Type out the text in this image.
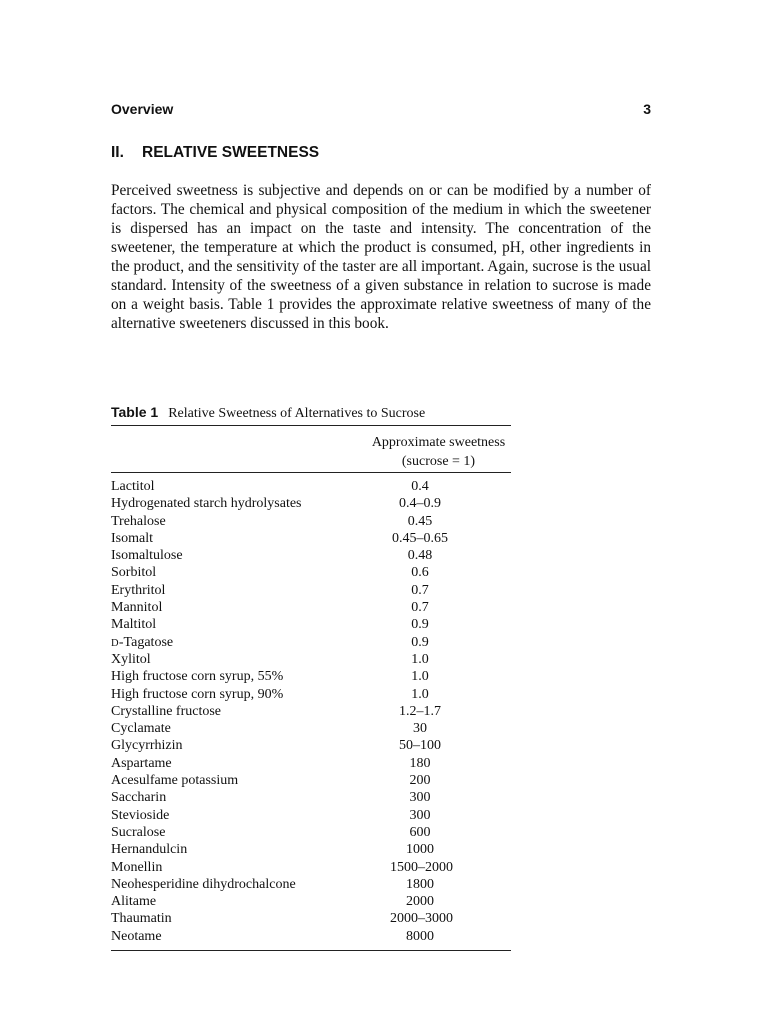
Overview	3
II. RELATIVE SWEETNESS

Perceived sweetness is subjective and depends on or can be modified by a number of factors. The chemical and physical composition of the medium in which the sweetener is dispersed has an impact on the taste and intensity. The concentration of the sweetener, the temperature at which the product is consumed, pH, other ingredients in the product, and the sensitivity of the taster are all important. Again, sucrose is the usual standard. Intensity of the sweetness of a given substance in relation to sucrose is made on a weight basis. Table 1 provides the approximate relative sweetness of many of the alternative sweeteners discussed in this book.

Table 1 Relative Sweetness of Alternatives to Sucrose
Approximate sweetness
(sucrose = 1)
Lactitol	0.4
Hydrogenated starch hydrolysates	0.4–0.9
Trehalose	0.45
Isomalt	0.45–0.65
Isomaltulose	0.48
Sorbitol	0.6
Erythritol	0.7
Mannitol	0.7
Maltitol	0.9
D-Tagatose	0.9
Xylitol	1.0
High fructose corn syrup, 55%	1.0
High fructose corn syrup, 90%	1.0
Crystalline fructose	1.2–1.7
Cyclamate	30
Glycyrrhizin	50–100
Aspartame	180
Acesulfame potassium	200
Saccharin	300
Stevioside	300
Sucralose	600
Hernandulcin	1000
Monellin	1500–2000
Neohesperidine dihydrochalcone	1800
Alitame	2000
Thaumatin	2000–3000
Neotame	8000
